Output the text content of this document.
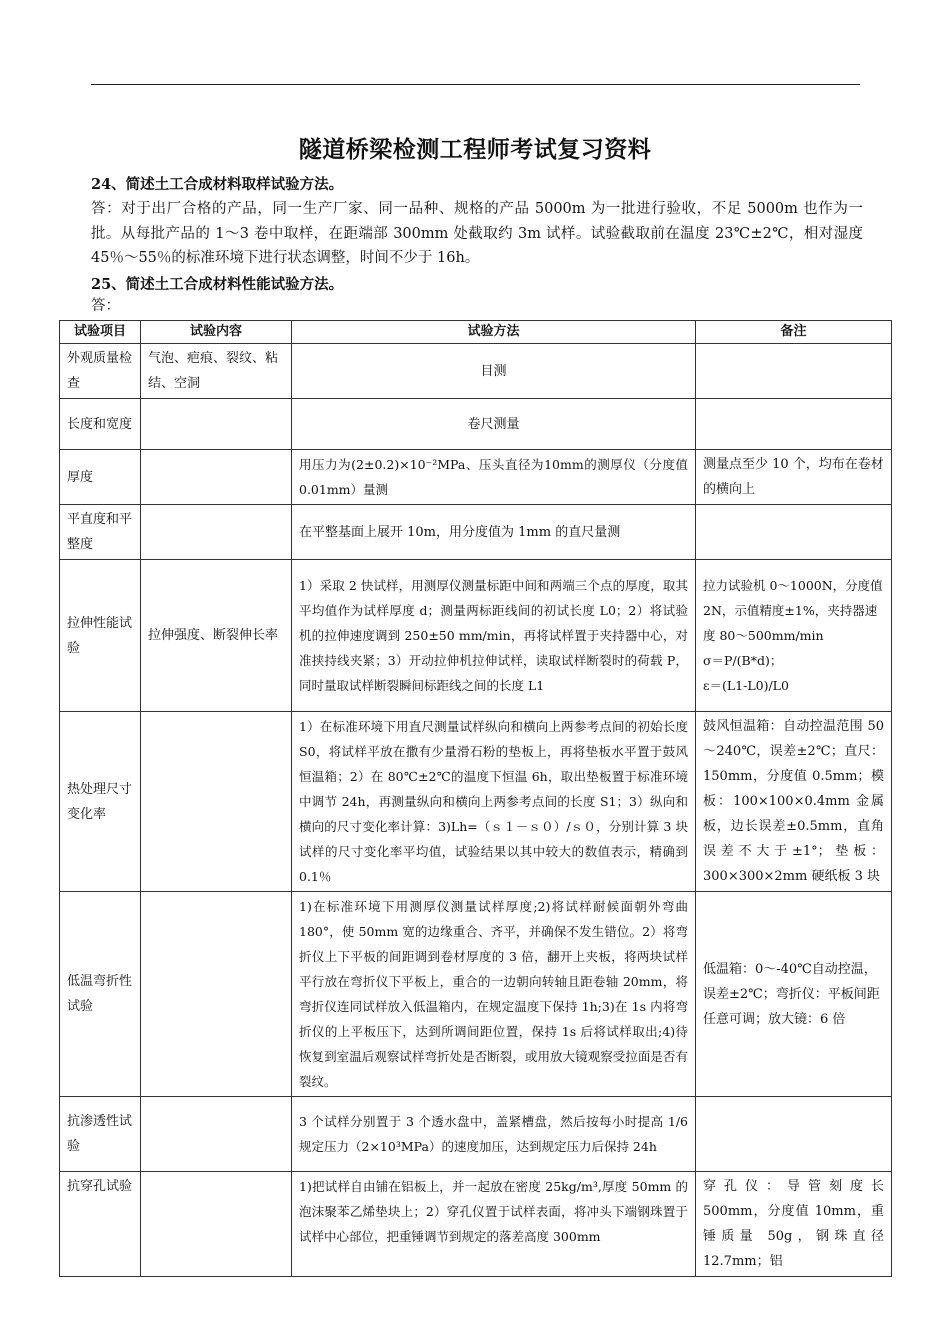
隧道桥梁检测工程师考试复习资料
24、简述土工合成材料取样试验方法。
答：对于出厂合格的产品，同一生产厂家、同一品种、规格的产品 5000m 为一批进行验收，不足 5000m 也作为一批。从每批产品的 1～3 卷中取样，在距端部 300mm 处截取约 3m 试样。试验截取前在温度 23℃±2℃，相对湿度 45％～55％的标准环境下进行状态调整，时间不少于 16h。
25、简述土工合成材料性能试验方法。
答：
试验项目	试验内容	试验方法	备注
外观质量检查	气泡、疤痕、裂纹、粘结、空洞	目测	
长度和宽度		卷尺测量	
厚度		用压力为(2±0.2)×10⁻²MPa、压头直径为10mm的测厚仪（分度值0.01mm）量测	测量点至少 10 个，均布在卷材的横向上
平直度和平整度		在平整基面上展开 10m，用分度值为 1mm 的直尺量测	
拉伸性能试验	拉伸强度、断裂伸长率	1）采取 2 快试样，用测厚仪测量标距中间和两端三个点的厚度，取其平均值作为试样厚度 d；测量两标距线间的初试长度 L0；2）将试验机的拉伸速度调到 250±50 mm/min，再将试样置于夹持器中心，对准挟持线夹紧；3）开动拉伸机拉伸试样，读取试样断裂时的荷载 P，同时量取试样断裂瞬间标距线之间的长度 L1	拉力试验机 0～1000N，分度值 2N，示值精度±1%，夹持器速度 80～500mm/min
σ＝P/(B*d)；
ε＝(L1-L0)/L0
热处理尺寸变化率		1）在标准环境下用直尺测量试样纵向和横向上两参考点间的初始长度 S0，将试样平放在撒有少量滑石粉的垫板上，再将垫板水平置于鼓风恒温箱；2）在 80℃±2℃的温度下恒温 6h，取出垫板置于标准环境中调节 24h，再测量纵向和横向上两参考点间的长度 S1；3）纵向和横向的尺寸变化率计算：3)Lh=（ｓ１－ｓ０）/ｓ０，分别计算 3 块试样的尺寸变化率平均值，试验结果以其中较大的数值表示，精确到 0.1％	鼓风恒温箱：自动控温范围 50～240℃，误差±2℃；直尺：150mm，分度值 0.5mm；模板：100×100×0.4mm 金属板，边长误差±0.5mm，直角误差不大于±1°；垫板：300×300×2mm 硬纸板 3 块
低温弯折性试验		1)在标准环境下用测厚仪测量试样厚度;2)将试样耐候面朝外弯曲 180°，使 50mm 宽的边缘重合、齐平，并确保不发生错位。2）将弯折仪上下平板的间距调到卷材厚度的 3 倍，翻开上夹板，将两块试样平行放在弯折仪下平板上，重合的一边朝向转轴且距卷轴 20mm，将弯折仪连同试样放入低温箱内，在规定温度下保持 1h;3)在 1s 内将弯折仪的上平板压下，达到所调间距位置，保持 1s 后将试样取出;4)待恢复到室温后观察试样弯折处是否断裂，或用放大镜观察受拉面是否有裂纹。	低温箱：0～-40℃自动控温，误差±2℃；弯折仪：平板间距任意可调；放大镜：6 倍
抗渗透性试验		3 个试样分别置于 3 个透水盘中，盖紧槽盘，然后按每小时提高 1/6 规定压力（2×10³MPa）的速度加压，达到规定压力后保持 24h	
抗穿孔试验		1)把试样自由铺在铝板上，并一起放在密度 25kg/m³,厚度 50mm 的泡沫聚苯乙烯垫块上；2）穿孔仪置于试样表面，将冲头下端钢珠置于试样中心部位，把重锤调节到规定的落差高度 300mm	穿孔仪：导管刻度长 500mm，分度值 10mm，重锤质量 50g，钢珠直径 12.7mm；铝
